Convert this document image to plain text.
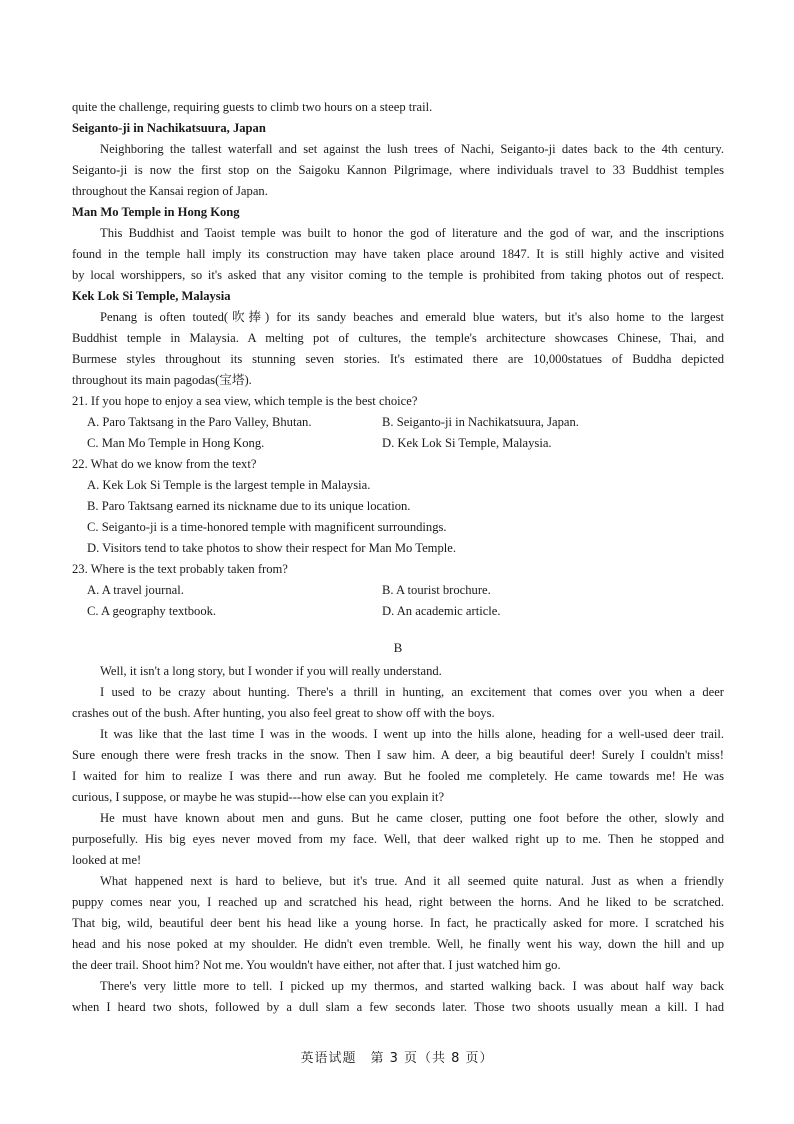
quite the challenge, requiring guests to climb two hours on a steep trail.

Seiganto-ji in Nachikatsuura, Japan

Neighboring the tallest waterfall and set against the lush trees of Nachi, Seiganto-ji dates back to the 4th century.

Seiganto-ji is now the first stop on the Saigoku Kannon Pilgrimage, where individuals travel to 33 Buddhist temples

throughout the Kansai region of Japan.

Man Mo Temple in Hong Kong

This Buddhist and Taoist temple was built to honor the god of literature and the god of war, and the inscriptions

found in the temple hall imply its construction may have taken place around 1847. It is still highly active and visited

by local worshippers, so it's asked that any visitor coming to the temple is prohibited from taking photos out of respect.

Kek Lok Si Temple, Malaysia

Penang is often touted(吹捧) for its sandy beaches and emerald blue waters, but it's also home to the largest

Buddhist temple in Malaysia. A melting pot of cultures, the temple's architecture showcases Chinese, Thai, and

Burmese styles throughout its stunning seven stories. It's estimated there are 10,000statues of Buddha depicted

throughout its main pagodas(宝塔).

21. If you hope to enjoy a sea view, which temple is the best choice?

A. Paro Taktsang in the Paro Valley, Bhutan.	B. Seiganto-ji in Nachikatsuura, Japan.

C. Man Mo Temple in Hong Kong.	D. Kek Lok Si Temple, Malaysia.

22. What do we know from the text?

A. Kek Lok Si Temple is the largest temple in Malaysia.

B. Paro Taktsang earned its nickname due to its unique location.

C. Seiganto-ji is a time-honored temple with magnificent surroundings.

D. Visitors tend to take photos to show their respect for Man Mo Temple.

23. Where is the text probably taken from?

A. A travel journal.	B. A tourist brochure.

C. A geography textbook.	D. An academic article.

B

Well, it isn't a long story, but I wonder if you will really understand.

I used to be crazy about hunting. There's a thrill in hunting, an excitement that comes over you when a deer

crashes out of the bush. After hunting, you also feel great to show off with the boys.

It was like that the last time I was in the woods. I went up into the hills alone, heading for a well-used deer trail.

Sure enough there were fresh tracks in the snow. Then I saw him. A deer, a big beautiful deer! Surely I couldn't miss!

I waited for him to realize I was there and run away. But he fooled me completely. He came towards me! He was

curious, I suppose, or maybe he was stupid---how else can you explain it?

He must have known about men and guns. But he came closer, putting one foot before the other, slowly and

purposefully. His big eyes never moved from my face. Well, that deer walked right up to me. Then he stopped and

looked at me!

What happened next is hard to believe, but it's true. And it all seemed quite natural. Just as when a friendly

puppy comes near you, I reached up and scratched his head, right between the horns. And he liked to be scratched.

That big, wild, beautiful deer bent his head like a young horse. In fact, he practically asked for more. I scratched his

head and his nose poked at my shoulder. He didn't even tremble. Well, he finally went his way, down the hill and up

the deer trail. Shoot him? Not me. You wouldn't have either, not after that. I just watched him go.

There's very little more to tell. I picked up my thermos, and started walking back. I was about half way back

when I heard two shots, followed by a dull slam a few seconds later. Those two shoots usually mean a kill. I had

英语试题　第 3 页（共 8 页）
